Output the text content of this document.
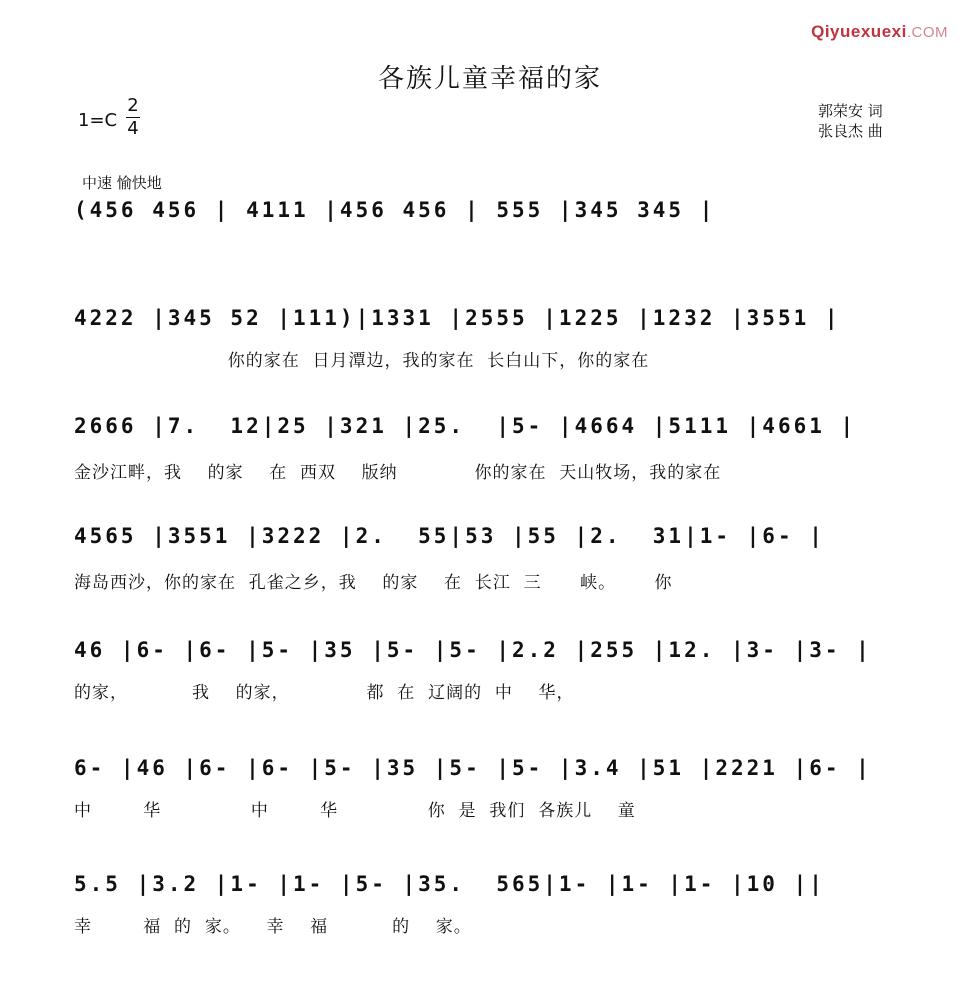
Qiyuexuexi.COM
各族儿童幸福的家
1=C
2
4
郭荣安 词
张良杰 曲
中速 愉快地
(456 456 | 4111 |456 456 | 555 |345 345 |
4222 |345 52 |111)|1331 |2555 |1225 |1232 |3551 |
你的家在  日月潭边，我的家在  长白山下，你的家在
2666 |7.  12|25 |321 |25.  |5- |4664 |5111 |4661 |
金沙江畔，我    的家    在  西双    版纳            你的家在  天山牧场，我的家在
4565 |3551 |3222 |2.  55|53 |55 |2.  31|1- |6- |
海岛西沙，你的家在  孔雀之乡，我    的家    在  长江  三      峡。      你
46 |6- |6- |5- |35 |5- |5- |2.2 |255 |12. |3- |3- |
的家，          我    的家，            都  在  辽阔的  中    华，
6- |46 |6- |6- |5- |35 |5- |5- |3.4 |51 |2221 |6- |
中        华              中        华              你  是  我们  各族儿    童
5.5 |3.2 |1- |1- |5- |35.  565|1- |1- |1- |10 ||
幸        福  的  家。    幸    福          的    家。
